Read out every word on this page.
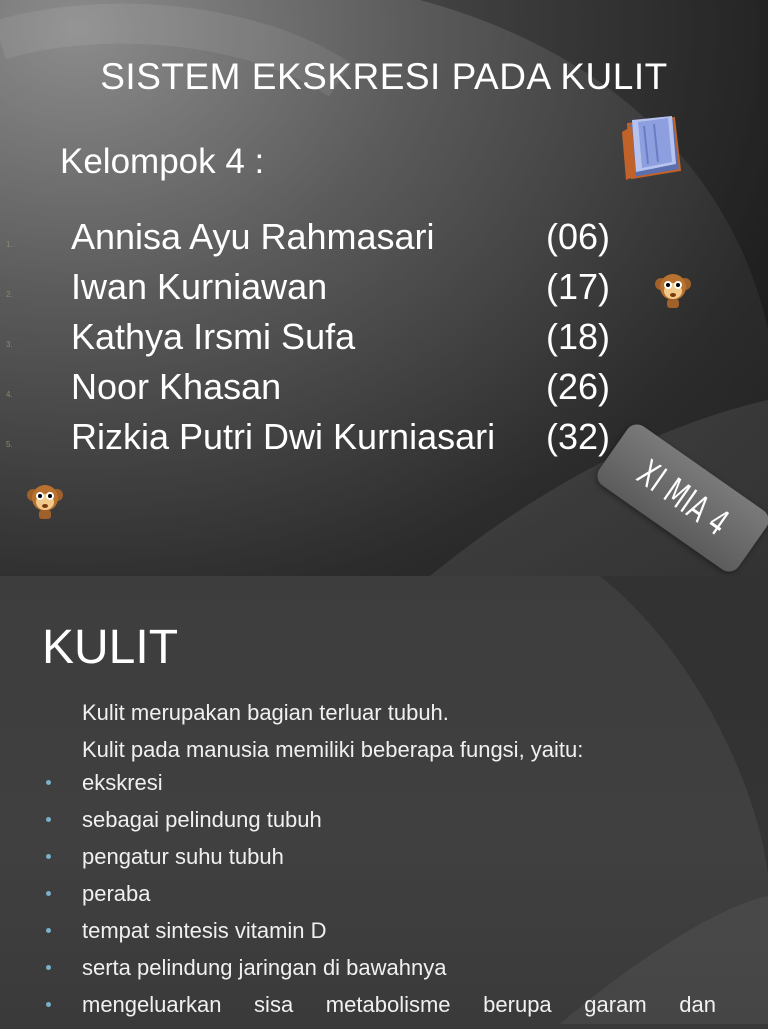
SISTEM EKSKRESI PADA KULIT
Kelompok 4 :
1. Annisa Ayu Rahmasari	(06)
2. Iwan Kurniawan	(17)
3. Kathya Irsmi Sufa	(18)
4. Noor Khasan	(26)
5. Rizkia Putri Dwi Kurniasari (32)
XI MIA 4
KULIT
Kulit merupakan bagian terluar tubuh.
Kulit pada manusia memiliki beberapa fungsi, yaitu:
ekskresi
sebagai pelindung tubuh
pengatur suhu tubuh
peraba
tempat sintesis vitamin D
serta pelindung jaringan di bawahnya
mengeluarkan sisa metabolisme berupa garam dan
